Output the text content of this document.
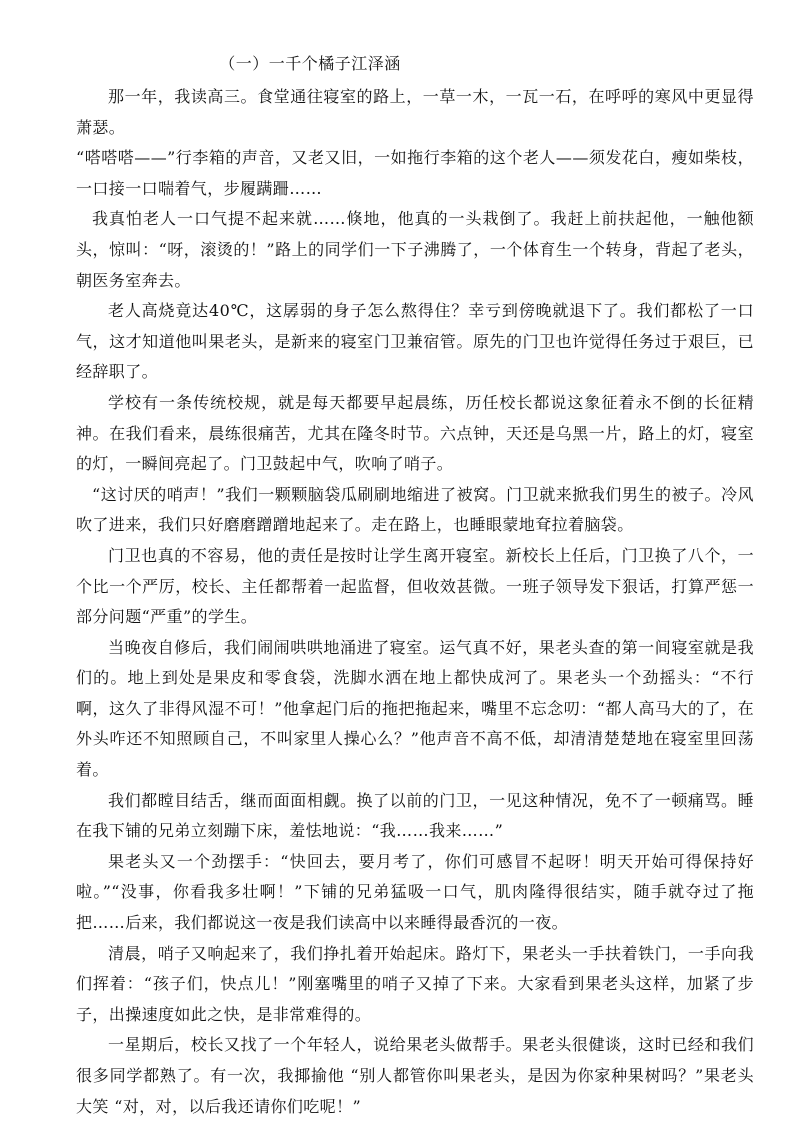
（一）一千个橘子江泽涵

那一年，我读高三。食堂通往寝室的路上，一草一木，一瓦一石，在呼呼的寒风中更显得萧瑟。

“嗒嗒嗒——”行李箱的声音，又老又旧，一如拖行李箱的这个老人——须发花白，瘦如柴枝，一口接一口喘着气，步履蹒跚……

我真怕老人一口气提不起来就……倏地，他真的一头栽倒了。我赶上前扶起他，一触他额头，惊叫：“呀，滚烫的！”路上的同学们一下子沸腾了，一个体育生一个转身，背起了老头，朝医务室奔去。

老人高烧竟达40℃，这孱弱的身子怎么熬得住？幸亏到傍晚就退下了。我们都松了一口气，这才知道他叫果老头，是新来的寝室门卫兼宿管。原先的门卫也许觉得任务过于艰巨，已经辞职了。

学校有一条传统校规，就是每天都要早起晨练，历任校长都说这象征着永不倒的长征精神。在我们看来，晨练很痛苦，尤其在隆冬时节。六点钟，天还是乌黑一片，路上的灯，寝室的灯，一瞬间亮起了。门卫鼓起中气，吹响了哨子。

“这讨厌的哨声！”我们一颗颗脑袋瓜刷刷地缩进了被窝。门卫就来掀我们男生的被子。冷风吹了进来，我们只好磨磨蹭蹭地起来了。走在路上，也睡眼蒙地耷拉着脑袋。

门卫也真的不容易，他的责任是按时让学生离开寝室。新校长上任后，门卫换了八个，一个比一个严厉，校长、主任都帮着一起监督，但收效甚微。一班子领导发下狠话，打算严惩一部分问题“严重”的学生。

当晚夜自修后，我们闹闹哄哄地涌进了寝室。运气真不好，果老头查的第一间寝室就是我们的。地上到处是果皮和零食袋，洗脚水洒在地上都快成河了。果老头一个劲摇头：“不行啊，这久了非得风湿不可！”他拿起门后的拖把拖起来，嘴里不忘念叨：“都人高马大的了，在外头咋还不知照顾自己，不叫家里人操心么？”他声音不高不低，却清清楚楚地在寝室里回荡着。

我们都瞠目结舌，继而面面相觑。换了以前的门卫，一见这种情况，免不了一顿痛骂。睡在我下铺的兄弟立刻蹦下床，羞怯地说：“我……我来……”

果老头又一个劲摆手：“快回去，要月考了，你们可感冒不起呀！明天开始可得保持好啦。”“没事，你看我多壮啊！”下铺的兄弟猛吸一口气，肌肉隆得很结实，随手就夺过了拖把……后来，我们都说这一夜是我们读高中以来睡得最香沉的一夜。

清晨，哨子又响起来了，我们挣扎着开始起床。路灯下，果老头一手扶着铁门，一手向我们挥着：“孩子们，快点儿！”刚塞嘴里的哨子又掉了下来。大家看到果老头这样，加紧了步子，出操速度如此之快，是非常难得的。

一星期后，校长又找了一个年轻人，说给果老头做帮手。果老头很健谈，这时已经和我们很多同学都熟了。有一次，我揶揄他 “别人都管你叫果老头，是因为你家种果树吗？”果老头大笑 “对，对，以后我还请你们吃呢！”
